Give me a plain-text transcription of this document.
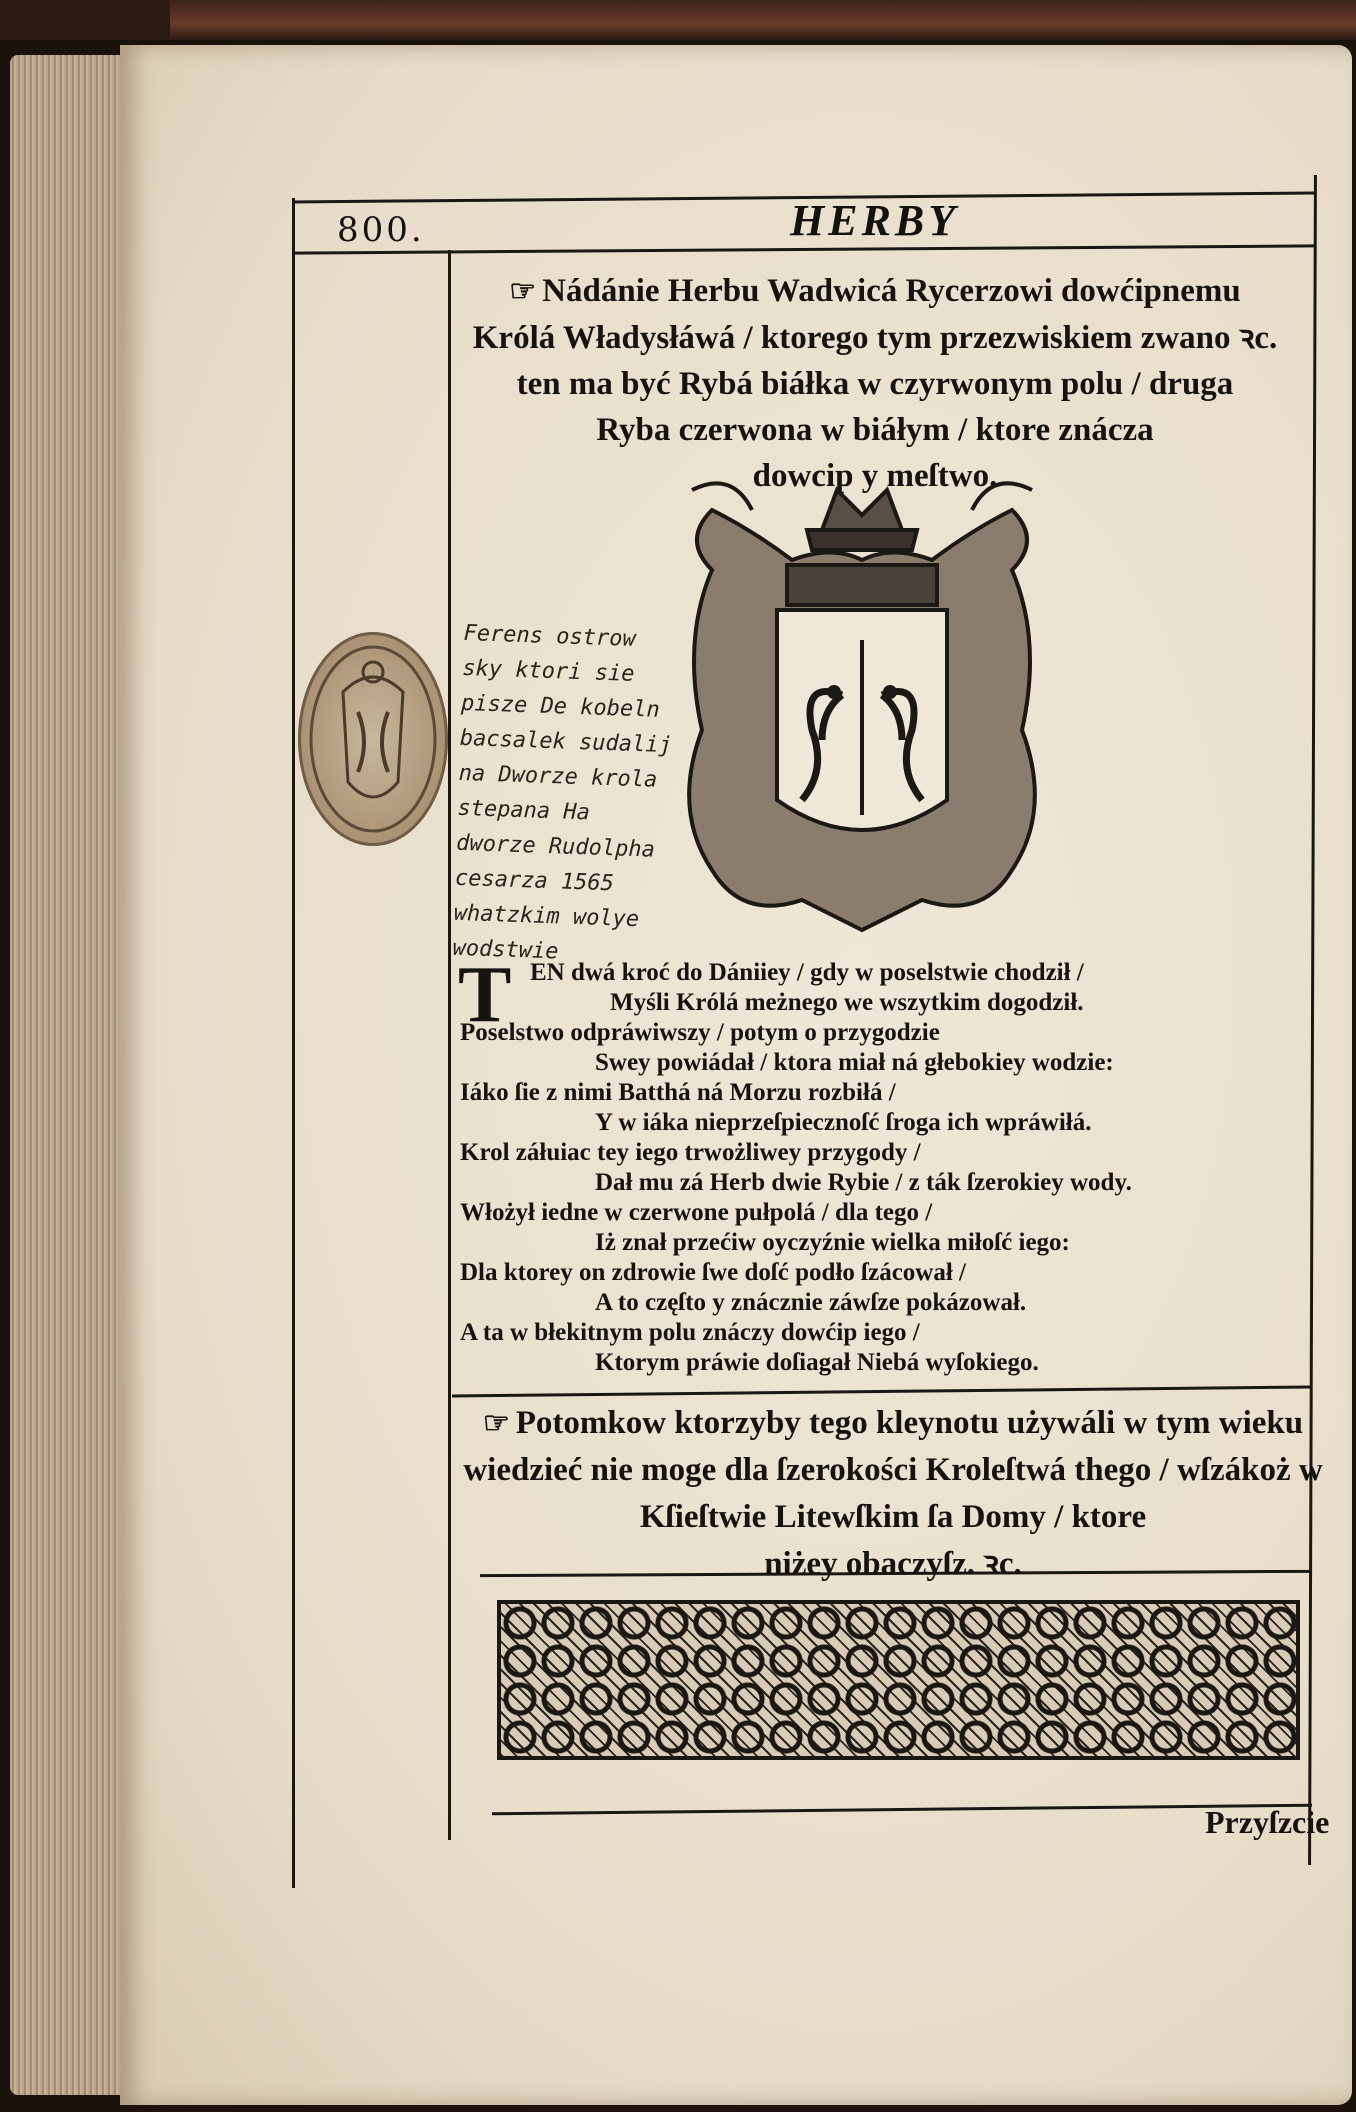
800.	HERBY
☞ Nádánie Herbu Wadwicá Rycerzowi dowćipnemu
Królá Władysłáwá / ktorego tym przezwiskiem zwano ꝛc.
ten ma być Rybá biáłka w czyrwonym polu / druga
Ryba czerwona w biáłym / ktore znácza
dowcip y meſtwo.
Ferens ostrow
sky ktori sie
pisze De kobeln
bacsalek sudalij
na Dworze krola
stepana Ha
dworze Rudolpha
cesarza 1565
whatzkim wolye
wodstwie
T EN dwá kroć do Dániiey / gdy w poselstwie chodził /
Myśli Królá meżnego we wszytkim dogodził.
Poselstwo odpráwiwszy / potym o przygodzie
Swey powiádał / ktora miał ná głebokiey wodzie:
Iáko ſie z nimi Batthá ná Morzu rozbiłá /
Y w iáka nieprzeſpiecznoſć ſroga ich wpráwiłá.
Krol záłuiac tey iego trwożliwey przygody /
Dał mu zá Herb dwie Rybie / z ták ſzerokiey wody.
Włożył iedne w czerwone pułpolá / dla tego /
Iż znał przećiw oyczyźnie wielka miłoſć iego:
Dla ktorey on zdrowie ſwe doſć podło ſzácował /
A to częſto y znácznie záwſze pokázował.
A ta w błekitnym polu znáczy dowćip iego /
Ktorym práwie doſiagał Niebá wyſokiego.
☞ Potomkow ktorzyby tego kleynotu używáli w tym wieku
wiedzieć nie moge dla ſzerokości Kroleſtwá thego / wſzákoż w
Kſieſtwie Litewſkim ſa Domy / ktore
niżey obaczyſz. ꝛc.
Przyſzcie
